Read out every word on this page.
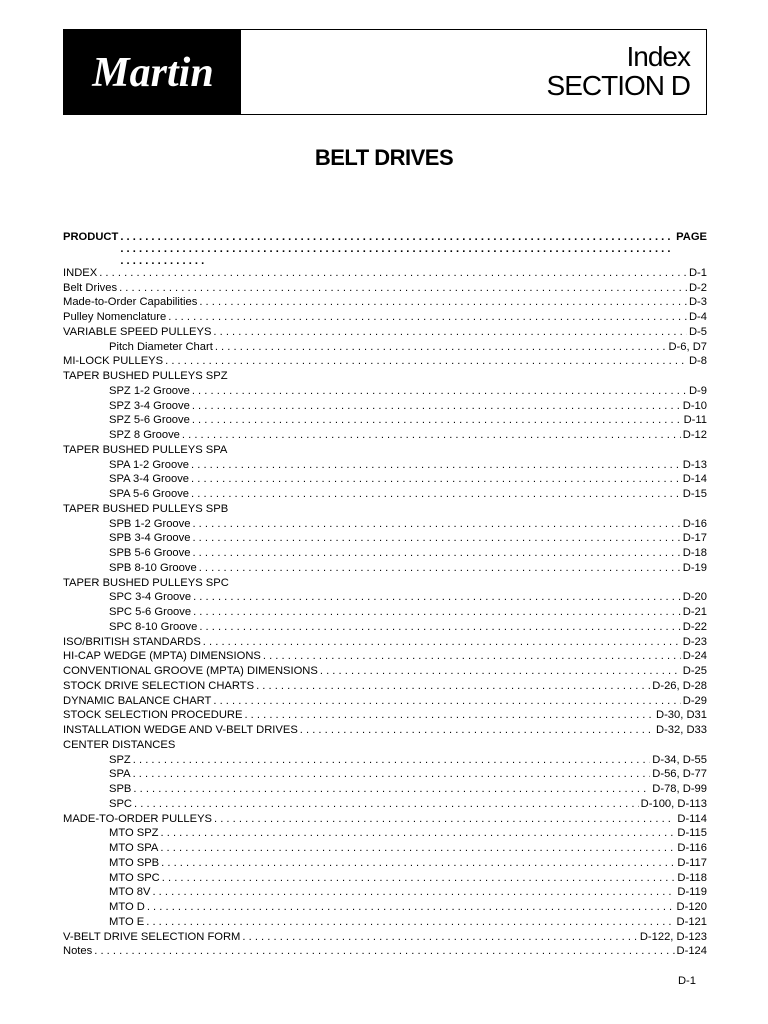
Martin	Index
SECTION D
BELT DRIVES
PRODUCT . . .	PAGE
INDEX . . .	D-1
Belt Drives . . .	D-2
Made-to-Order Capabilities . . .	D-3
Pulley Nomenclature . . .	D-4
VARIABLE SPEED PULLEYS . . .	D-5
Pitch Diameter Chart . . .	D-6, D7
MI-LOCK PULLEYS . . .	D-8
TAPER BUSHED PULLEYS SPZ
SPZ 1-2 Groove . . .	D-9
SPZ 3-4 Groove . . .	D-10
SPZ 5-6 Groove . . .	D-11
SPZ 8 Groove . . .	D-12
TAPER BUSHED PULLEYS SPA
SPA 1-2 Groove . . .	D-13
SPA 3-4 Groove . . .	D-14
SPA 5-6 Groove . . .	D-15
TAPER BUSHED PULLEYS SPB
SPB 1-2 Groove . . .	D-16
SPB 3-4 Groove . . .	D-17
SPB 5-6 Groove . . .	D-18
SPB 8-10 Groove . . .	D-19
TAPER BUSHED PULLEYS SPC
SPC 3-4 Groove . . .	D-20
SPC 5-6 Groove . . .	D-21
SPC 8-10 Groove . . .	D-22
ISO/BRITISH STANDARDS . . .	D-23
HI-CAP WEDGE (MPTA) DIMENSIONS . . .	D-24
CONVENTIONAL GROOVE (MPTA) DIMENSIONS . . .	D-25
STOCK DRIVE SELECTION CHARTS . . .	D-26, D-28
DYNAMIC BALANCE CHART . . .	D-29
STOCK SELECTION PROCEDURE . . .	D-30, D31
INSTALLATION WEDGE AND V-BELT DRIVES . . .	D-32, D33
CENTER DISTANCES
SPZ . . .	D-34, D-55
SPA . . .	D-56, D-77
SPB . . .	D-78, D-99
SPC . . .	D-100, D-113
MADE-TO-ORDER PULLEYS . . .	D-114
MTO SPZ . . .	D-115
MTO SPA . . .	D-116
MTO SPB . . .	D-117
MTO SPC . . .	D-118
MTO 8V . . .	D-119
MTO D . . .	D-120
MTO E . . .	D-121
V-BELT DRIVE SELECTION FORM . . .	D-122, D-123
Notes . . .	D-124
D-1
